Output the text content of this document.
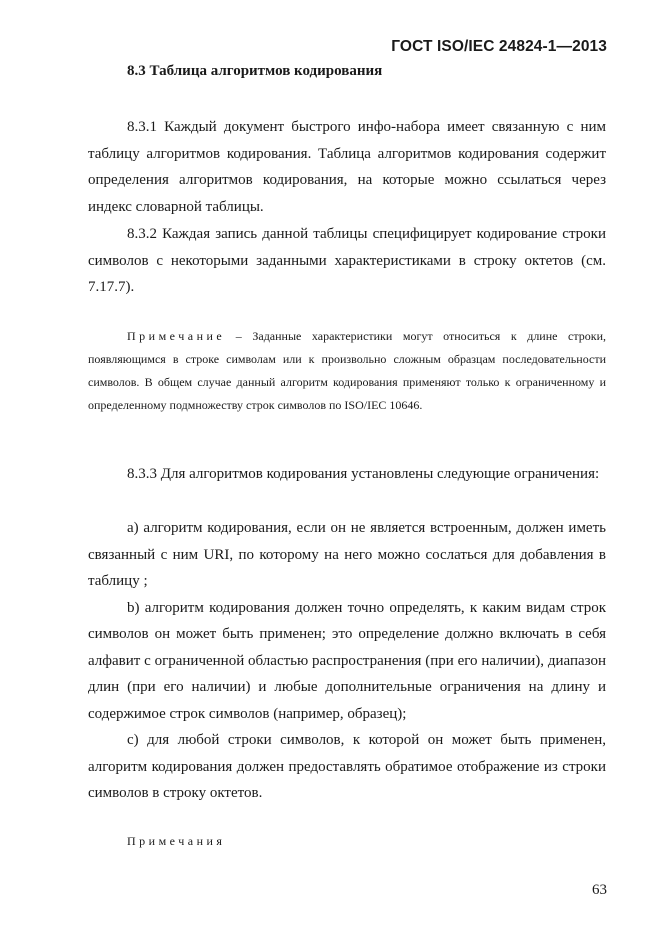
ГОСТ ISO/IEC 24824-1—2013
8.3 Таблица алгоритмов кодирования

8.3.1 Каждый документ быстрого инфо-набора имеет связанную с ним таблицу алгоритмов кодирования. Таблица алгоритмов кодирования содержит определения алгоритмов кодирования, на которые можно ссылаться через индекс словарной таблицы.

8.3.2 Каждая запись данной таблицы специфицирует кодирование строки символов с некоторыми заданными характеристиками в строку октетов (см. 7.17.7).

Примечание – Заданные характеристики могут относиться к длине строки, появляющимся в строке символам или к произвольно сложным образцам последовательности символов. В общем случае данный алгоритм кодирования применяют только к ограниченному и определенному подмножеству строк символов по ISO/IEC 10646.

8.3.3 Для алгоритмов кодирования установлены следующие ограничения:

a) алгоритм кодирования, если он не является встроенным, должен иметь связанный с ним URI, по которому на него можно сослаться для добавления в таблицу ;

b) алгоритм кодирования должен точно определять, к каким видам строк символов он может быть применен; это определение должно включать в себя алфавит с ограниченной областью распространения (при его наличии), диапазон длин (при его наличии) и любые дополнительные ограничения на длину и содержимое строк символов (например, образец);

c) для любой строки символов, к которой он может быть применен, алгоритм кодирования должен предоставлять обратимое отображение из строки символов в строку октетов.

Примечания
63
